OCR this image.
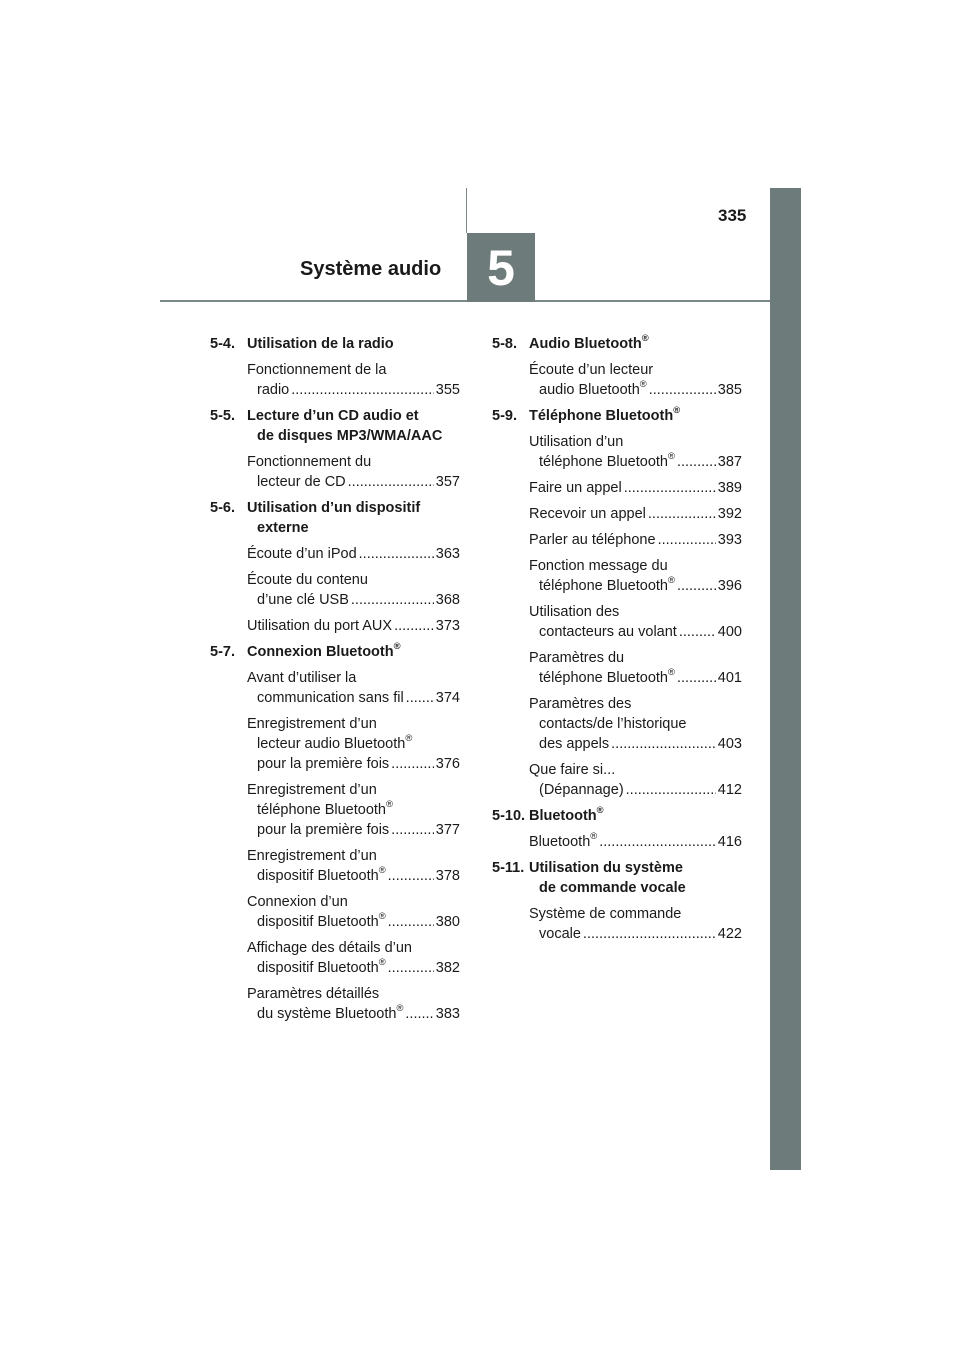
Système audio 5
335
5-4. Utilisation de la radio
Fonctionnement de la
radio .....	355
5-5. Lecture d’un CD audio et
de disques MP3/WMA/AAC
Fonctionnement du
lecteur de CD .....	357
5-6. Utilisation d’un dispositif
externe
Écoute d’un iPod .....	363
Écoute du contenu
d’une clé USB .....	368
Utilisation du port AUX .....	373
5-7. Connexion Bluetooth®
Avant d’utiliser la
communication sans fil ..... 374
Enregistrement d’un
lecteur audio Bluetooth®
pour la première fois .....	376
Enregistrement d’un
téléphone Bluetooth®
pour la première fois .....	377
Enregistrement d’un
dispositif Bluetooth® .....	378
Connexion d’un
dispositif Bluetooth® .....	380
Affichage des détails d’un
dispositif Bluetooth® .....	382
Paramètres détaillés
du système Bluetooth® ..... 383
5-8. Audio Bluetooth®
Écoute d’un lecteur
audio Bluetooth® .....	385
5-9. Téléphone Bluetooth®
Utilisation d’un
téléphone Bluetooth® .....	387
Faire un appel .....	389
Recevoir un appel .....	392
Parler au téléphone .....	393
Fonction message du
téléphone Bluetooth® .....	396
Utilisation des
contacteurs au volant .....	400
Paramètres du
téléphone Bluetooth® .....	401
Paramètres des
contacts/de l’historique
des appels .....	403
Que faire si...
(Dépannage) .....	412
5-10. Bluetooth®
Bluetooth® .....	416
5-11. Utilisation du système
de commande vocale
Système de commande
vocale .....	422
